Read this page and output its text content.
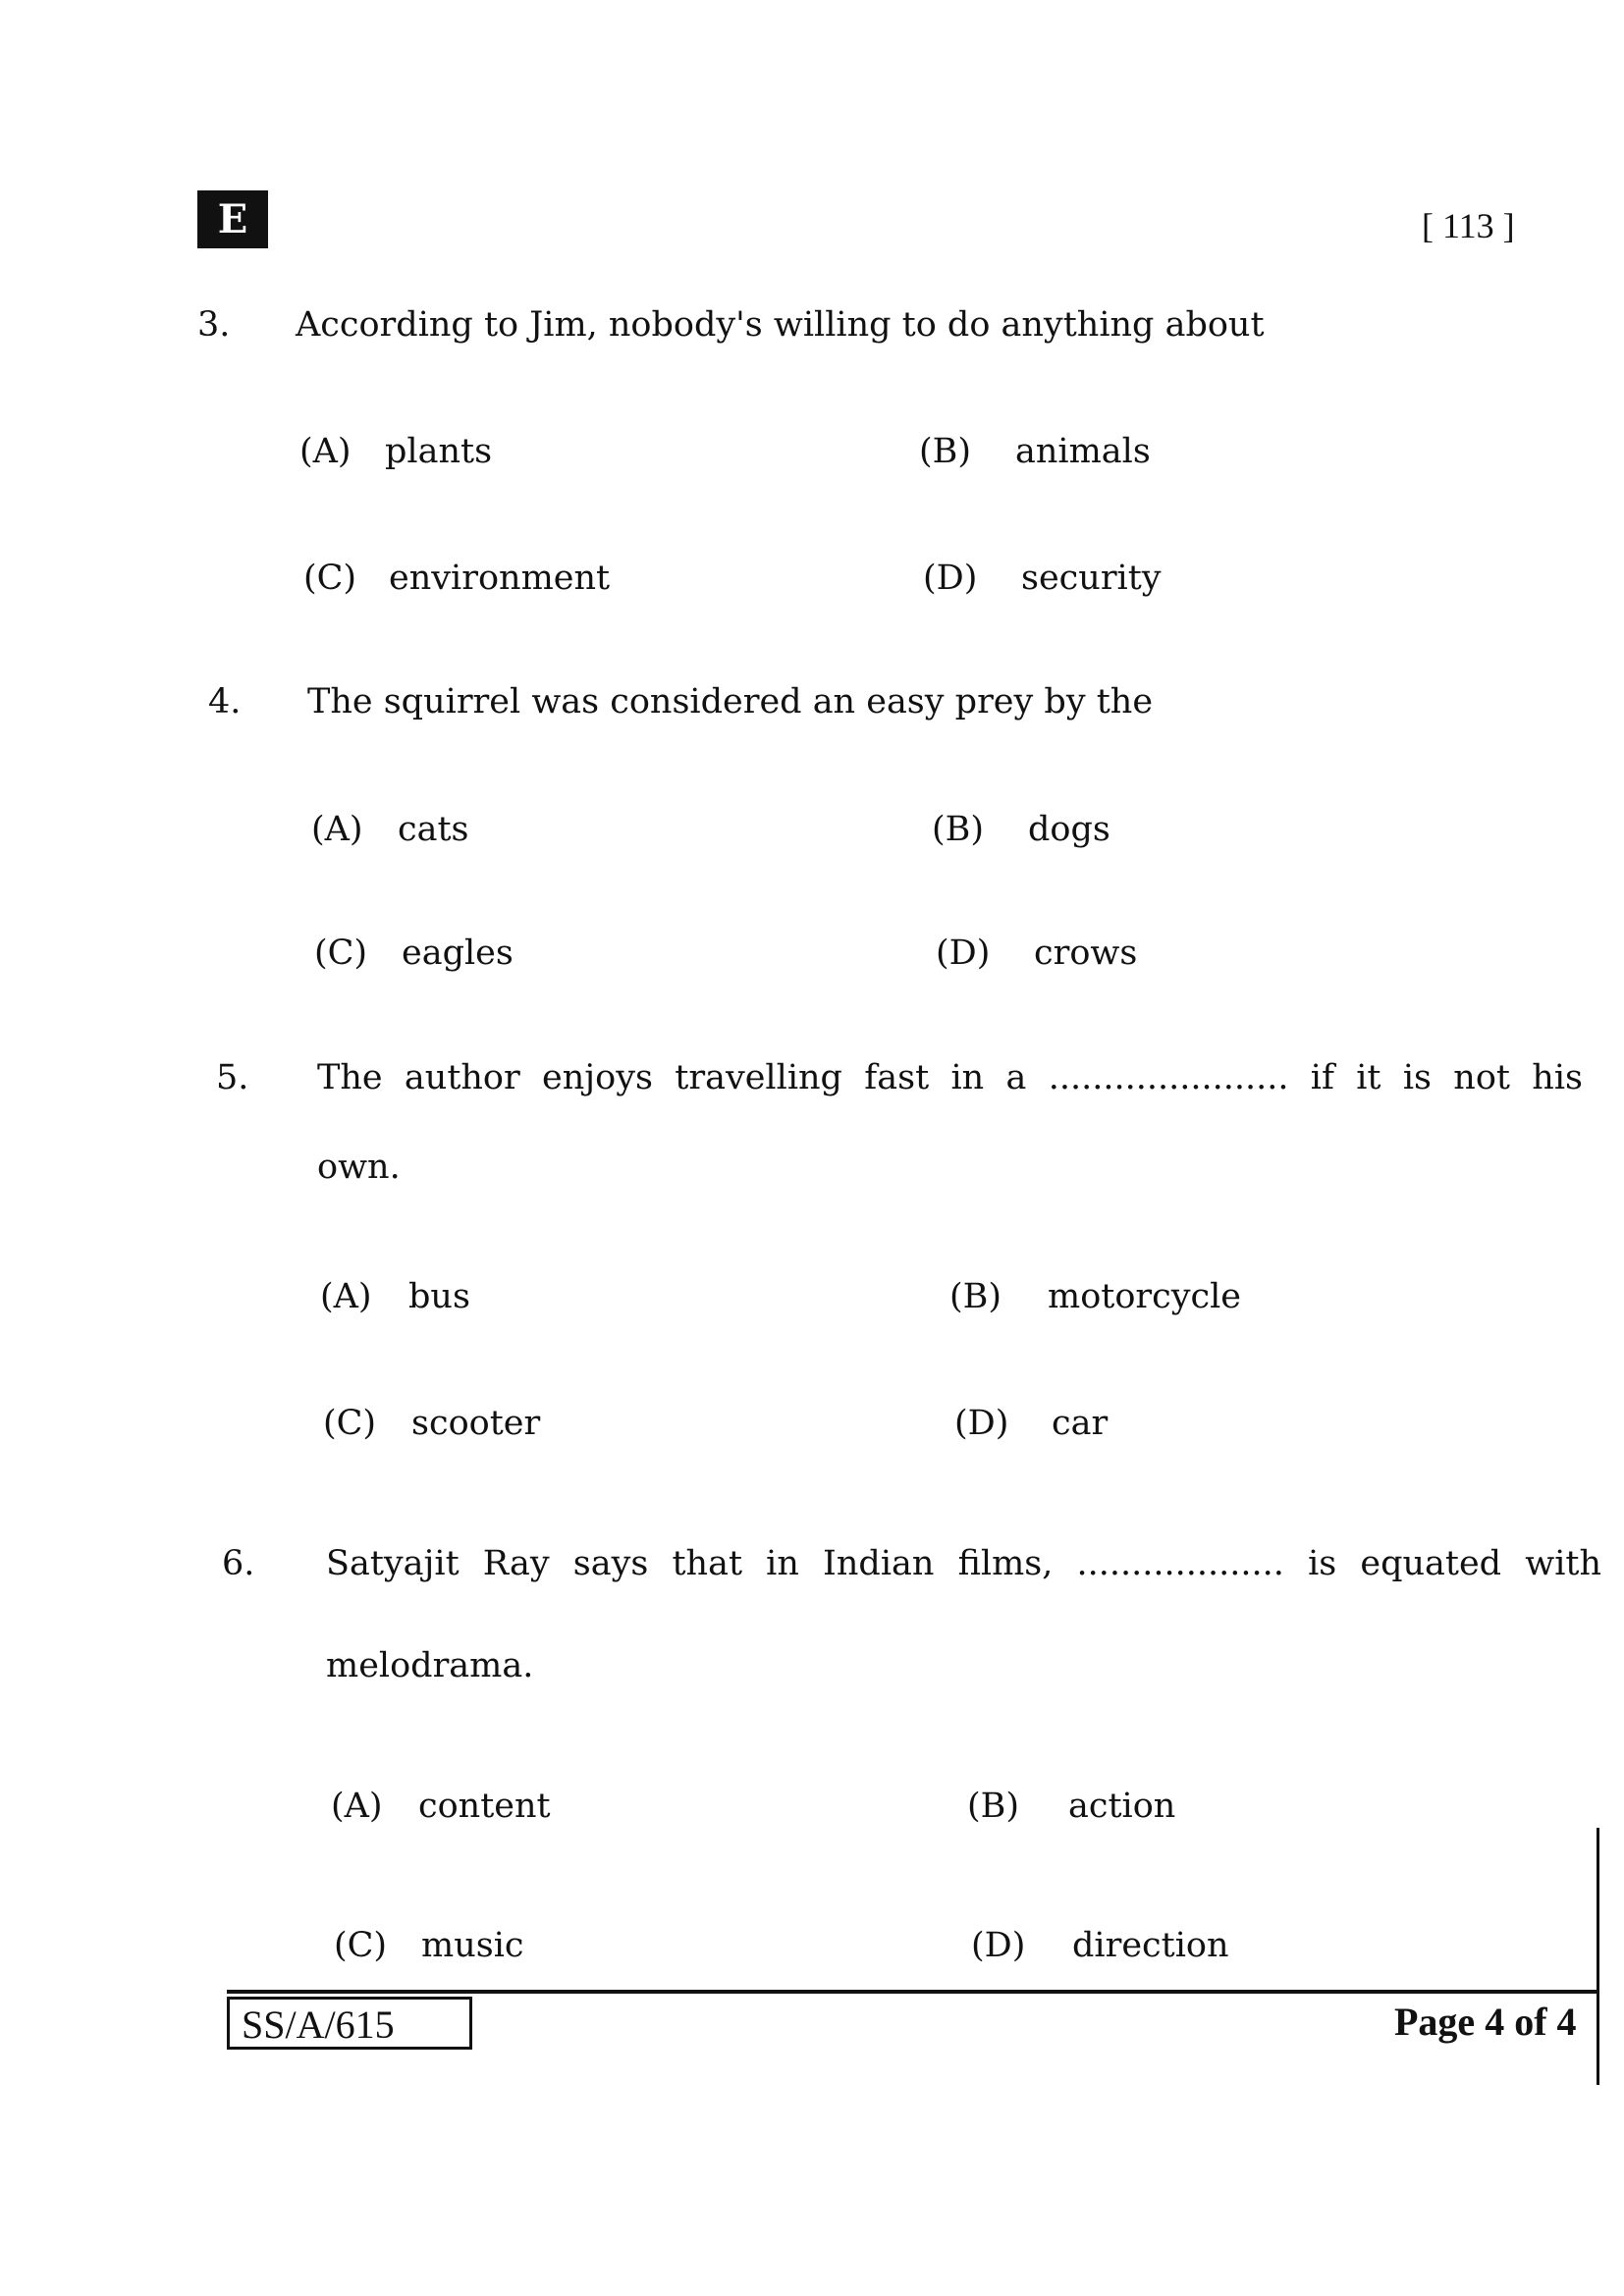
E	[ 113 ]
3. According to Jim, nobody's willing to do anything about
(A) plants	(B) animals
(C) environment	(D) security
4. The squirrel was considered an easy prey by the
(A) cats	(B) dogs
(C) eagles	(D) crows
5. The author enjoys travelling fast in a ...................... if it is not his
own.
(A) bus	(B) motorcycle
(C) scooter	(D) car
6. Satyajit Ray says that in Indian films, ................... is equated with
melodrama.
(A) content	(B) action
(C) music	(D) direction
SS/A/615	Page 4 of 4
